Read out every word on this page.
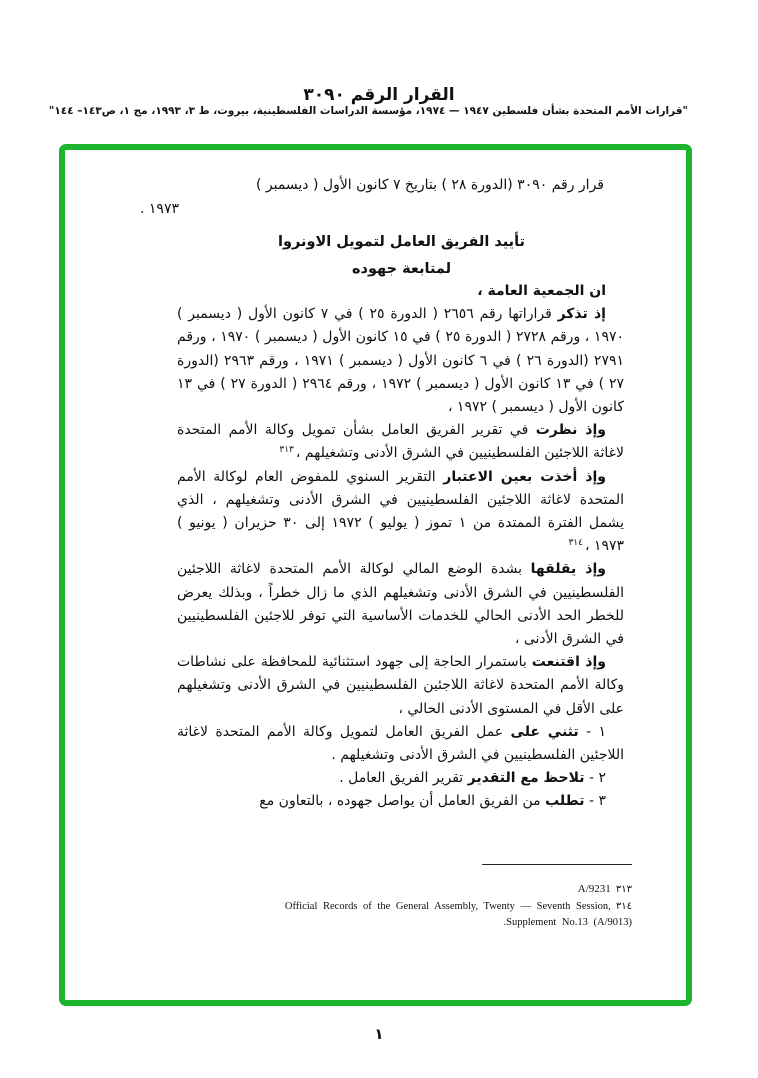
القرار الرقم ٣٠٩٠
"قرارات الأمم المتحدة بشأن فلسطين ١٩٤٧ — ١٩٧٤، مؤسسة الدراسات الفلسطينية، بيروت، ط ٣، ١٩٩٣، مج ١، ص١٤٣– ١٤٤"
قرار رقم ٣٠٩٠ (الدورة ٢٨ ) بتاريخ ٧ كانون الأول ( ديسمبر )
١٩٧٣ .
تأييد الفريق العامل لتمويل الاونروا
لمتابعة جهوده

ان الجمعية العامة ،

إذ تذكر قراراتها رقم ٢٦٥٦ ( الدورة ٢٥ ) في ٧ كانون الأول ( ديسمبر ) ١٩٧٠ ، ورقم ٢٧٢٨ ( الدورة ٢٥ ) في ١٥ كانون الأول ( ديسمبر ) ١٩٧٠ ، ورقم ٢٧٩١ (الدورة ٢٦ ) في ٦ كانون الأول ( ديسمبر ) ١٩٧١ ، ورقم ٢٩٦٣ (الدورة ٢٧ ) في ١٣ كانون الأول ( ديسمبر ) ١٩٧٢ ، ورقم ٢٩٦٤ ( الدورة ٢٧ ) في ١٣ كانون الأول ( ديسمبر ) ١٩٧٢ ،

وإذ نظرت في تقرير الفريق العامل بشأن تمويل وكالة الأمم المتحدة لاغاثة اللاجئين الفلسطينيين في الشرق الأدنى وتشغيلهم ،$^{٣١٣}$

وإذ أخذت بعين الاعتبار التقرير السنوي للمفوض العام لوكالة الأمم المتحدة لاغاثة اللاجئين الفلسطينيين في الشرق الأدنى وتشغيلهم ، الذي يشمل الفترة الممتدة من ١ تموز ( يوليو ) ١٩٧٢ إلى ٣٠ حزيران ( يونيو ) ١٩٧٣ ،$^{٣١٤}$

وإذ يقلقها بشدة الوضع المالي لوكالة الأمم المتحدة لاغاثة اللاجئين الفلسطينيين في الشرق الأدنى وتشغيلهم الذي ما زال خطراً ، وبذلك يعرض للخطر الحد الأدنى الحالي للخدمات الأساسية التي توفر للاجئين الفلسطينيين في الشرق الأدنى ،

وإذ اقتنعت باستمرار الحاجة إلى جهود استثنائية للمحافظة على نشاطات وكالة الأمم المتحدة لاغاثة اللاجئين الفلسطينيين في الشرق الأدنى وتشغيلهم على الأقل في المستوى الأدنى الحالي ،

١ - تثني على عمل الفريق العامل لتمويل وكالة الأمم المتحدة لاغاثة اللاجئين الفلسطينيين في الشرق الأدنى وتشغيلهم .

٢ - تلاحظ مع التقدير تقرير الفريق العامل .

٣ - تطلب من الفريق العامل أن يواصل جهوده ، بالتعاون مع

٣١٣ A/9231
٣١٤ Official Records of the General Assembly, Twenty — Seventh Session, Supplement No.13 (A/9013).
١
